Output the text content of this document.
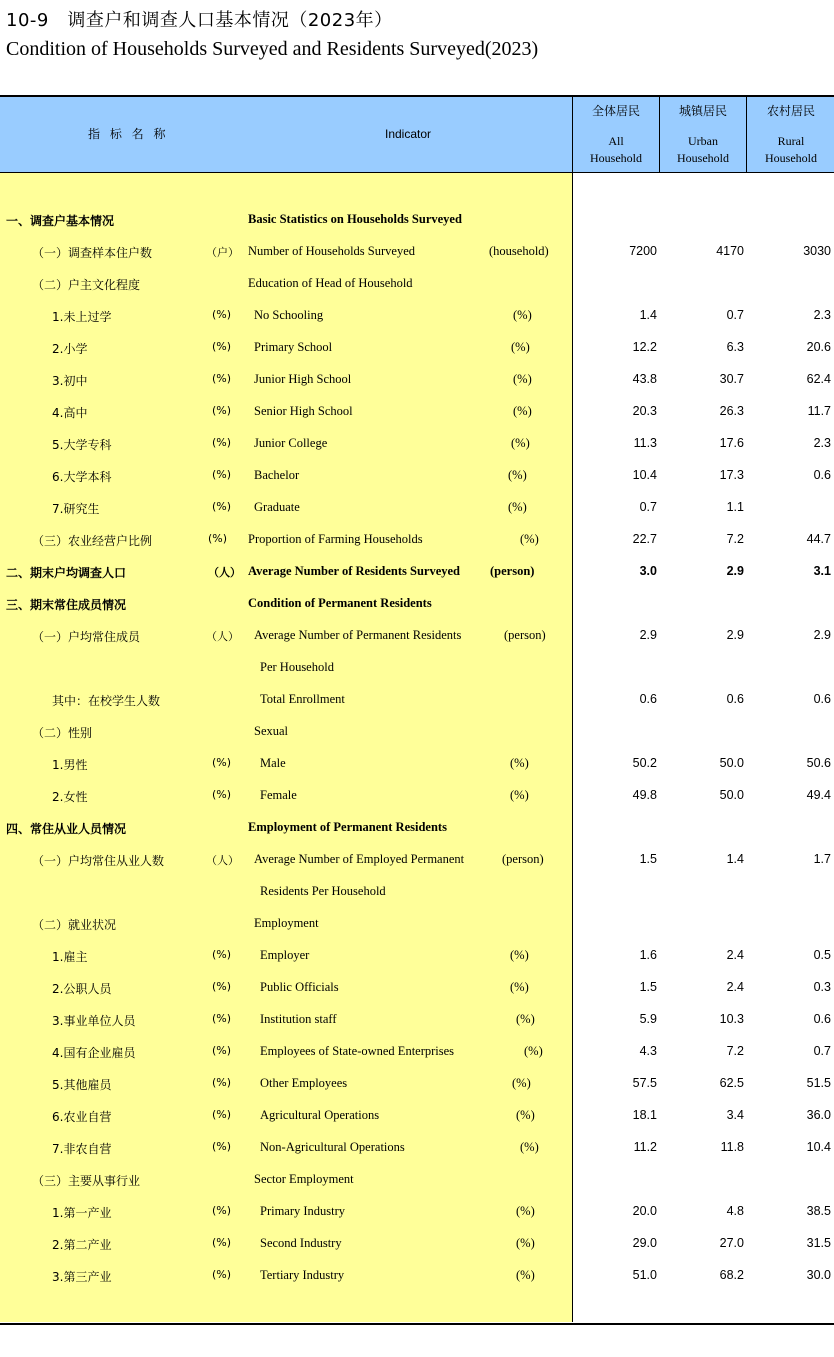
10-9　调查户和调查人口基本情况（2023年）
Condition of Households Surveyed and Residents Surveyed(2023)
指 标 名 称	Indicator
全体居民
All
Household
城镇居民
Urban
Household
农村居民
Rural
Household
一、调查户基本情况	Basic Statistics on Households Surveyed
（一）调查样本住户数	（户） Number of Households Surveyed	(household)	7200	4170	3030
（二）户主文化程度	Education of Head of Household
1.未上过学	(%) No Schooling	(%)	1.4	0.7	2.3
2.小学	(%) Primary School	(%)	12.2	6.3	20.6
3.初中	(%) Junior High School	(%)	43.8	30.7	62.4
4.高中	(%) Senior High School	(%)	20.3	26.3	11.7
5.大学专科	(%) Junior College	(%)	11.3	17.6	2.3
6.大学本科	(%) Bachelor	(%)	10.4	17.3	0.6
7.研究生	(%) Graduate	(%)	0.7	1.1
（三）农业经营户比例	(%) Proportion of Farming Households	(%)	22.7	7.2	44.7
二、期末户均调查人口	（人） Average Number of Residents Surveyed (person)	3.0	2.9	3.1
三、期末常住成员情况	Condition of Permanent Residents
（一）户均常住成员	（人） Average Number of Permanent Residents	(person)	2.9	2.9	2.9
Per Household
其中：在校学生人数	Total Enrollment	0.6	0.6	0.6
（二）性别	Sexual
1.男性	(%) Male	(%)	50.2	50.0	50.6
2.女性	(%) Female	(%)	49.8	50.0	49.4
四、常住从业人员情况	Employment of Permanent Residents
（一）户均常住从业人数	（人） Average Number of Employed Permanent	(person)	1.5	1.4	1.7
Residents Per Household
（二）就业状况	Employment
1.雇主	(%) Employer	(%)	1.6	2.4	0.5
2.公职人员	(%) Public Officials	(%)	1.5	2.4	0.3
3.事业单位人员	(%) Institution staff	(%)	5.9	10.3	0.6
4.国有企业雇员	(%) Employees of State-owned Enterprises	(%)	4.3	7.2	0.7
5.其他雇员	(%) Other Employees	(%)	57.5	62.5	51.5
6.农业自营	(%) Agricultural Operations	(%)	18.1	3.4	36.0
7.非农自营	(%) Non-Agricultural Operations	(%)	11.2	11.8	10.4
（三）主要从事行业	Sector Employment
1.第一产业	(%) Primary Industry	(%)	20.0	4.8	38.5
2.第二产业	(%) Second Industry	(%)	29.0	27.0	31.5
3.第三产业	(%) Tertiary Industry	(%)	51.0	68.2	30.0
